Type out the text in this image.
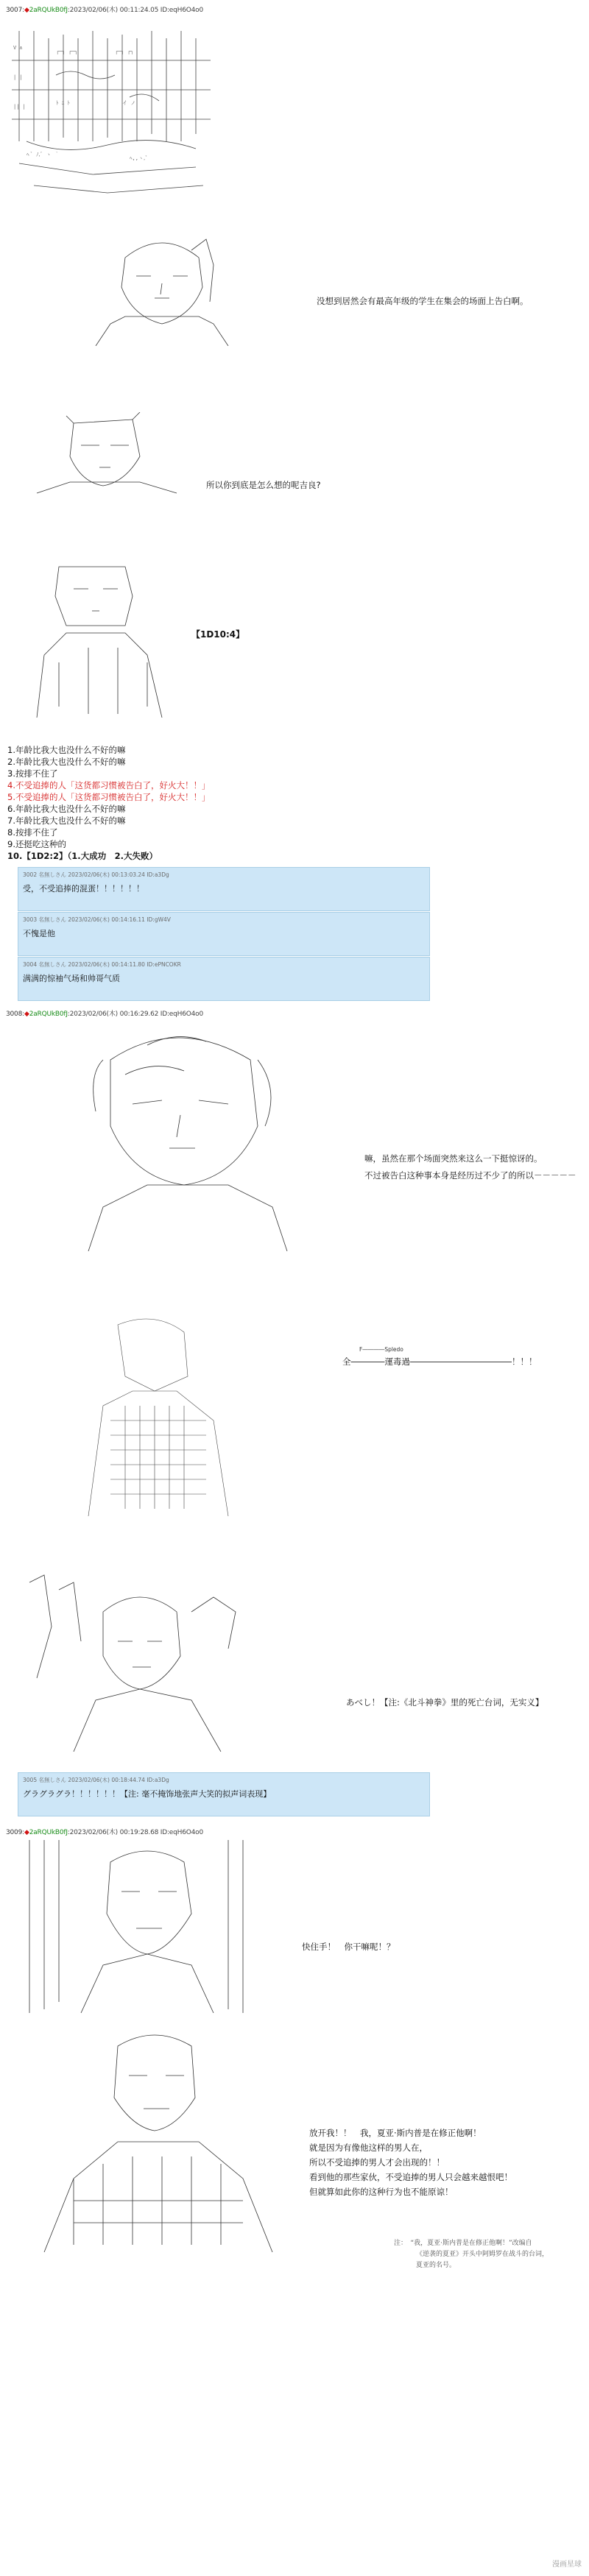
3007:◆2aRQUkB0fJ:2023/02/06(木) 00:11:24.05 ID:eqH6O4o0
V ∧
| |
|| |
┌─┐ ┌─┐	┌─┐ ┌┐
ﾄ ﾆ ﾄ	イ ノ
ﾍ ﾞ ﾉ,ﾞ ヽ ｀
ﾍ,,ヽ,ﾞ
没想到居然会有最高年级的学生在集会的场面上告白啊。
所以你到底是怎么想的呢吉良?
【1D10:4】
1.年龄比我大也没什么不好的嘛
2.年龄比我大也没什么不好的嘛
3.按排不住了
4.不受追捧的人「这货都习惯被告白了，好火大！！」
5.不受追捧的人「这货都习惯被告白了，好火大！！」
6.年龄比我大也没什么不好的嘛
7.年龄比我大也没什么不好的嘛
8.按排不住了
9.还挺吃这种的
10.【1D2:2】（1.大成功　2.大失败）
3002 名無しさん 2023/02/06(木) 00:13:03.24 ID:a3Dg
受，不受追捧的混蛋！！！！！！
3003 名無しさん 2023/02/06(木) 00:14:16.11 ID:gW4V
不愧是他
3004 名無しさん 2023/02/06(木) 00:14:11.80 ID:ePNCOKR
满满的惊袖气场和帅哥气质
3008:◆2aRQUkB0fJ:2023/02/06(木) 00:16:29.62 ID:eqH6O4o0
嘛，虽然在那个场面突然来这么一下挺惊讶的。
不过被告白这种事本身是经历过不少了的所以－－－－－
F――――Spledo
全――――運毒過――――――――――――！！！
あべし！【注:《北斗神拳》里的死亡台词，无实义】
3005 名無しさん 2023/02/06(木) 00:18:44.74 ID:a3Dg
グラグラグラ！！！！！！【注: 毫不掩饰地张声大笑的拟声词表现】
3009:◆2aRQUkB0fJ:2023/02/06(木) 00:19:28.68 ID:eqH6O4o0
快住手！　你干嘛呢！？
放开我！！　我，夏亚·斯内普是在修正他啊！
就是因为有像他这样的男人在，
所以不受追捧的男人才会出现的！！
看到他的那些家伙，不受追捧的男人只会越来越恨吧！
但就算如此你的这种行为也不能原谅！
注：　“我，夏亚·斯内普是在修正他啊！”改编自
《逆袭的夏亚》开头中阿姆罗在战斗的台词，
夏亚的名号。
漫画星球
